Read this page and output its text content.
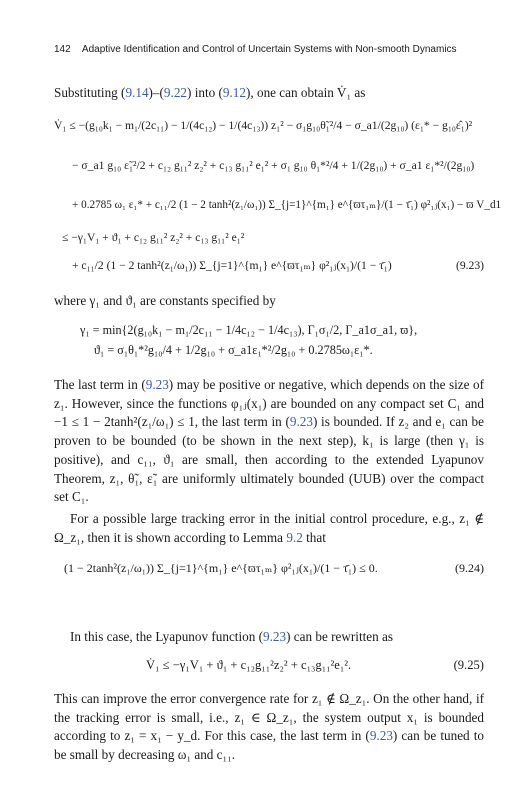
142 Adaptive Identification and Control of Uncertain Systems with Non-smooth Dynamics
Substituting (9.14)–(9.22) into (9.12), one can obtain V̇₁ as
V̇₁ ≤ −(g₁₀k₁ − m₁/(2c₁₁) − 1/(4c₁₂) − 1/(4c₁₃)) z₁² − σ₁g₁₀θ̃₁²/4 − σ_a1/(2g₁₀) (ε₁* − g₁₀ε̂₁)²
− σ_a1 g₁₀ ε̃₁²/2 + c₁₂ g₁₁² z₂² + c₁₃ g₁₁² e₁² + σ₁ g₁₀ θ₁*²/4 + 1/(2g₁₀) + σ_a1 ε₁*²/(2g₁₀)
+ 0.2785 ω₁ ε₁* + c₁₁/2 (1 − 2 tanh²(z₁/ω₁)) Σ_{j=1}^{m₁} e^{ϖτ₁ₘ}/(1 − τ̄₁) φ²₁ⱼ(x₁) − ϖ V_d1
≤ −γ₁V₁ + ϑ₁ + c₁₂ g₁₁² z₂² + c₁₃ g₁₁² e₁²
+ c₁₁/2 (1 − 2 tanh²(z₁/ω₁)) Σ_{j=1}^{m₁} e^{ϖτ₁ₘ} φ²₁ⱼ(x₁)/(1 − τ̄₁)	(9.23)
where γ₁ and ϑ₁ are constants specified by
γ₁ = min{2(g₁₀k₁ − m₁/2c₁₁ − 1/4c₁₂ − 1/4c₁₃), Γ₁σ₁/2, Γ_a1σ_a1, ϖ},
ϑ₁ = σ₁θ₁*²g₁₀/4 + 1/2g₁₀ + σ_a1ε₁*²/2g₁₀ + 0.2785ω₁ε₁*.

The last term in (9.23) may be positive or negative, which depends on the size of z₁. However, since the functions φ₁ⱼ(x₁) are bounded on any compact set C₁ and −1 ≤ 1 − 2tanh²(z₁/ω₁) ≤ 1, the last term in (9.23) is bounded. If z₂ and e₁ can be proven to be bounded (to be shown in the next step), k₁ is large (then γ₁ is positive), and c₁₁, ϑ₁ are small, then according to the extended Lyapunov Theorem, z₁, θ̃₁, ε̃₁ are uniformly ultimately bounded (UUB) over the compact set C₁.

For a possible large tracking error in the initial control procedure, e.g., z₁ ∉ Ω_z₁, then it is shown according to Lemma 9.2 that

(1 − 2tanh²(z₁/ω₁)) Σ_{j=1}^{m₁} e^{ϖτ₁ₘ} φ²₁ⱼ(x₁)/(1 − τ̄₁) ≤ 0.	(9.24)
In this case, the Lyapunov function (9.23) can be rewritten as
V̇₁ ≤ −γ₁V₁ + ϑ₁ + c₁₂g₁₁²z₂² + c₁₃g₁₁²e₁².	(9.25)

This can improve the error convergence rate for z₁ ∉ Ω_z₁. On the other hand, if the tracking error is small, i.e., z₁ ∈ Ω_z₁, the system output x₁ is bounded according to z₁ = x₁ − y_d. For this case, the last term in (9.23) can be tuned to be small by decreasing ω₁ and c₁₁.
